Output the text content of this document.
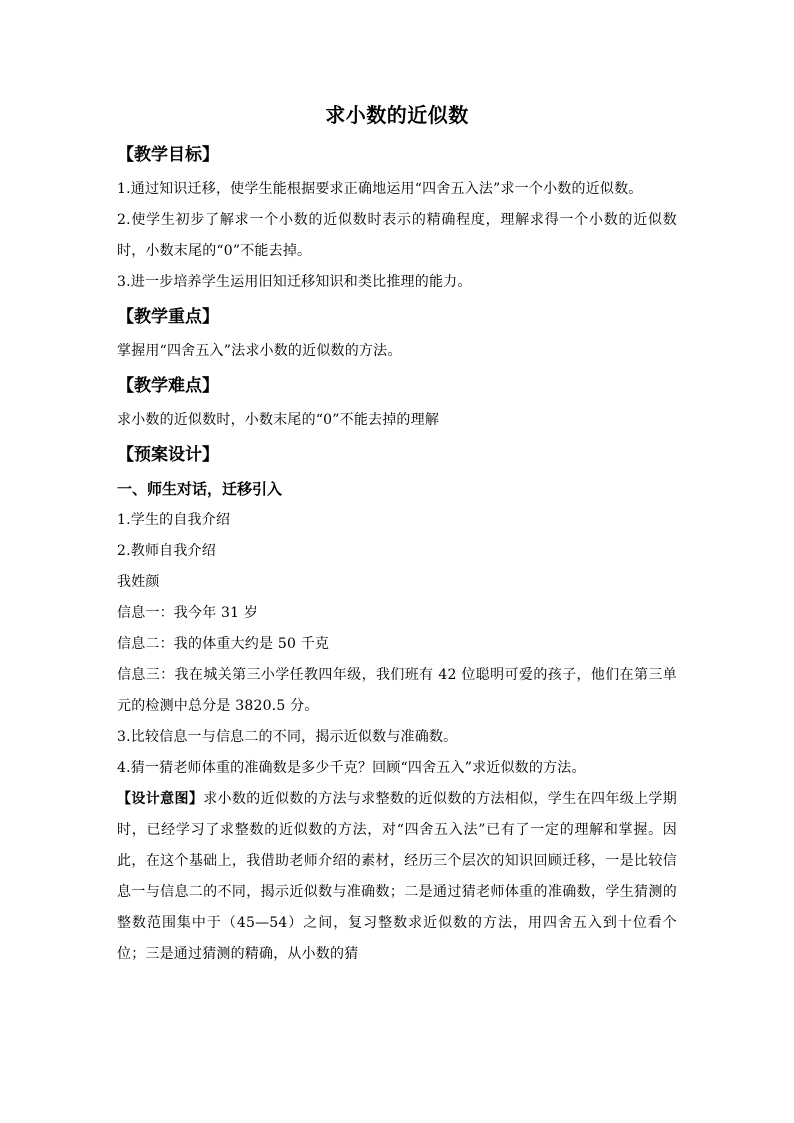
求小数的近似数
【教学目标】

1.通过知识迁移，使学生能根据要求正确地运用“四舍五入法”求一个小数的近似数。

2.使学生初步了解求一个小数的近似数时表示的精确程度，理解求得一个小数的近似数时，小数末尾的“0”不能去掉。

3.进一步培养学生运用旧知迁移知识和类比推理的能力。

【教学重点】

掌握用“四舍五入”法求小数的近似数的方法。

【教学难点】

求小数的近似数时，小数末尾的“0”不能去掉的理解

【预案设计】
一、师生对话，迁移引入

1.学生的自我介绍

2.教师自我介绍

我姓颜

信息一：我今年 31 岁

信息二：我的体重大约是 50 千克

信息三：我在城关第三小学任教四年级，我们班有 42 位聪明可爱的孩子，他们在第三单元的检测中总分是 3820.5 分。

3.比较信息一与信息二的不同，揭示近似数与准确数。

4.猜一猜老师体重的准确数是多少千克？回顾“四舍五入”求近似数的方法。

【设计意图】求小数的近似数的方法与求整数的近似数的方法相似，学生在四年级上学期时，已经学习了求整数的近似数的方法，对“四舍五入法”已有了一定的理解和掌握。因此，在这个基础上，我借助老师介绍的素材，经历三个层次的知识回顾迁移，一是比较信息一与信息二的不同，揭示近似数与准确数；二是通过猜老师体重的准确数，学生猜测的整数范围集中于（45—54）之间，复习整数求近似数的方法，用四舍五入到十位看个位；三是通过猜测的精确，从小数的猜
